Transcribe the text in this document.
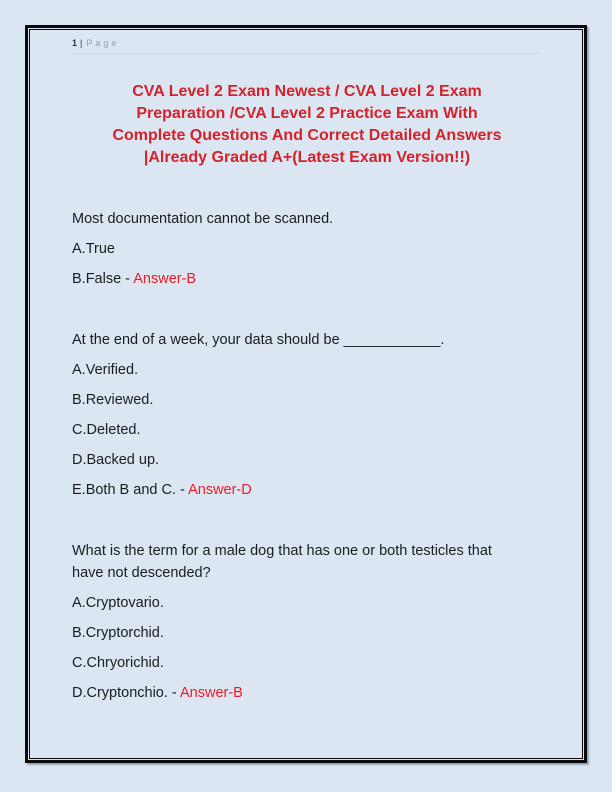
1 | Page
CVA Level 2 Exam Newest / CVA Level 2 Exam
Preparation /CVA Level 2 Practice Exam With
Complete Questions And Correct Detailed Answers
|Already Graded A+(Latest Exam Version!!)

Most documentation cannot be scanned.

A.True
B.False - Answer-B

At the end of a week, your data should be ____________.

A.Verified.
B.Reviewed.
C.Deleted.
D.Backed up.
E.Both B and C. - Answer-D

What is the term for a male dog that has one or both testicles that have not descended?

A.Cryptovario.
B.Cryptorchid.
C.Chryorichid.
D.Cryptonchio. - Answer-B
